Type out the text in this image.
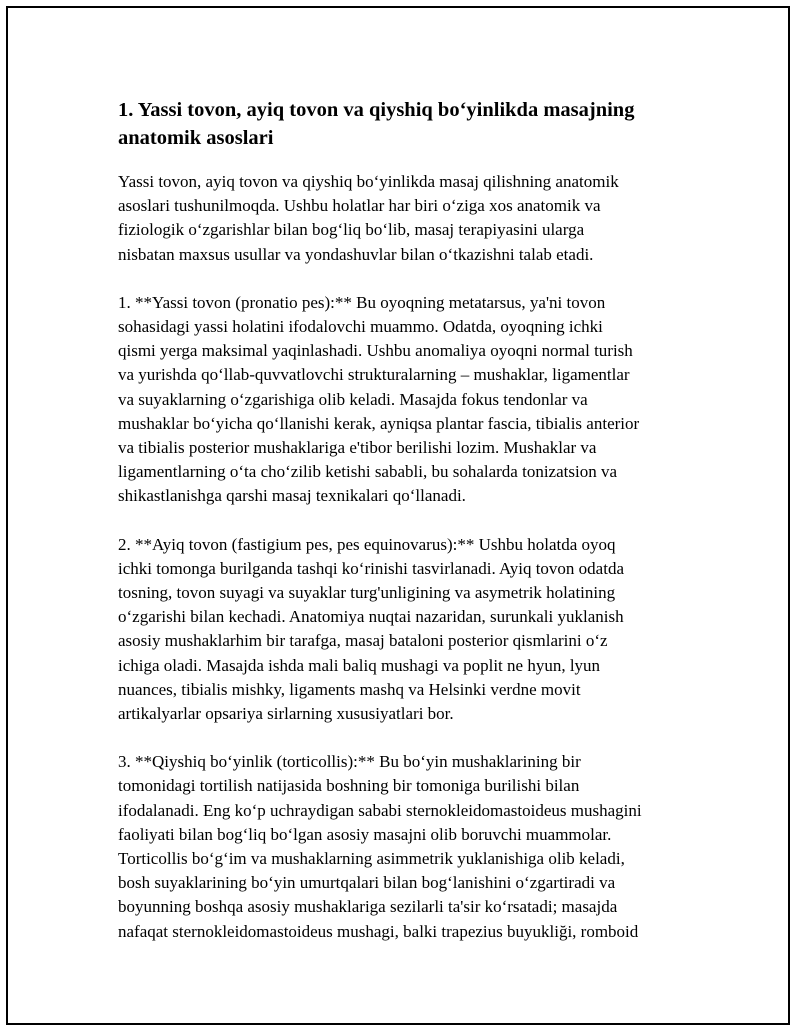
1. Yassi tovon, ayiq tovon va qiyshiq bo‘yinlikda masajning
anatomik asoslari
Yassi tovon, ayiq tovon va qiyshiq bo‘yinlikda masaj qilishning anatomik
asoslari tushunilmoqda. Ushbu holatlar har biri o‘ziga xos anatomik va
fiziologik o‘zgarishlar bilan bog‘liq bo‘lib, masaj terapiyasini ularga
nisbatan maxsus usullar va yondashuvlar bilan o‘tkazishni talab etadi.
1. **Yassi tovon (pronatio pes):** Bu oyoqning metatarsus, ya'ni tovon
sohasidagi yassi holatini ifodalovchi muammo. Odatda, oyoqning ichki
qismi yerga maksimal yaqinlashadi. Ushbu anomaliya oyoqni normal turish
va yurishda qo‘llab-quvvatlovchi strukturalarning – mushaklar, ligamentlar
va suyaklarning o‘zgarishiga olib keladi. Masajda fokus tendonlar va
mushaklar bo‘yicha qo‘llanishi kerak, ayniqsa plantar fascia, tibialis anterior
va tibialis posterior mushaklariga e'tibor berilishi lozim. Mushaklar va
ligamentlarning o‘ta cho‘zilib ketishi sababli, bu sohalarda tonizatsion va
shikastlanishga qarshi masaj texnikalari qo‘llanadi.
2. **Ayiq tovon (fastigium pes, pes equinovarus):** Ushbu holatda oyoq
ichki tomonga burilganda tashqi ko‘rinishi tasvirlanadi. Ayiq tovon odatda
tosning, tovon suyagi va suyaklar turg'unligining va asymetrik holatining
o‘zgarishi bilan kechadi. Anatomiya nuqtai nazaridan, surunkali yuklanish
asosiy mushaklarhim bir tarafga, masaj bataloni posterior qismlarini o‘z
ichiga oladi. Masajda ishda mali baliq mushagi va poplit ne hyun, lyun
nuances, tibialis mishky, ligaments mashq va Helsinki verdne movit
artikalyarlar opsariya sirlarning xususiyatlari bor.
3. **Qiyshiq bo‘yinlik (torticollis):** Bu bo‘yin mushaklarining bir
tomonidagi tortilish natijasida boshning bir tomoniga burilishi bilan
ifodalanadi. Eng ko‘p uchraydigan sababi sternokleidomastoideus mushagini
faoliyati bilan bog‘liq bo‘lgan asosiy masajni olib boruvchi muammolar.
Torticollis bo‘g‘im va mushaklarning asimmetrik yuklanishiga olib keladi,
bosh suyaklarining bo‘yin umurtqalari bilan bog‘lanishini o‘zgartiradi va
boyunning boshqa asosiy mushaklariga sezilarli ta'sir ko‘rsatadi; masajda
nafaqat sternokleidomastoideus mushagi, balki trapezius buyukliği, romboid
